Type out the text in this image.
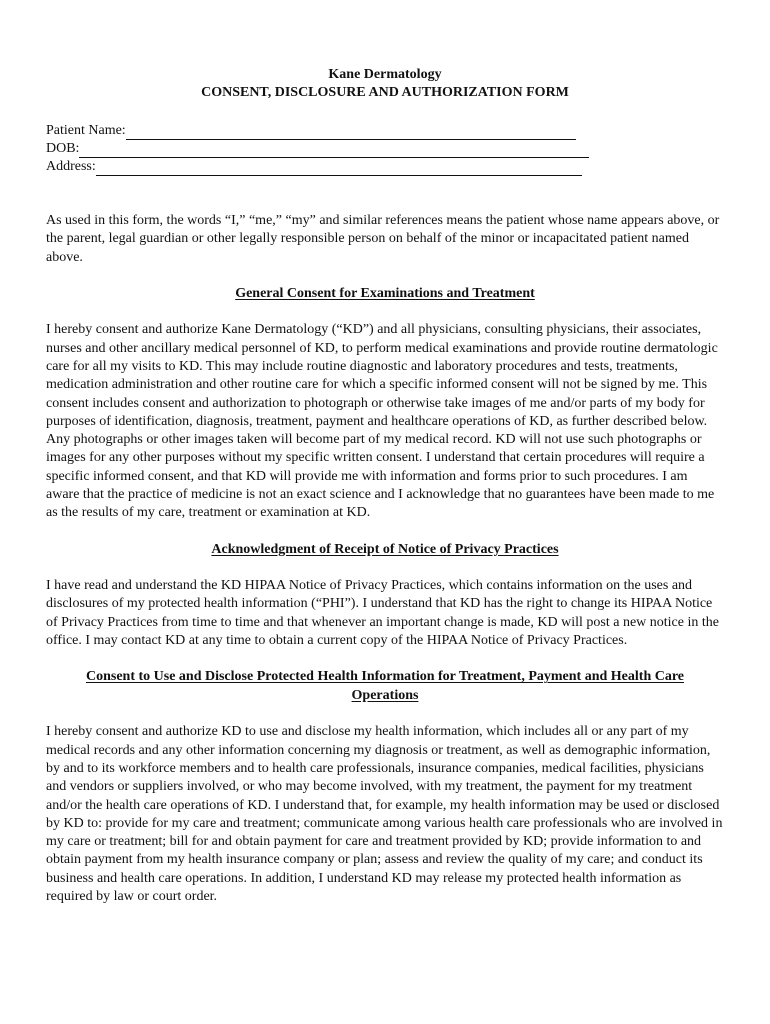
Kane Dermatology
CONSENT, DISCLOSURE AND AUTHORIZATION FORM
Patient Name:
DOB:
Address:

As used in this form, the words “I,” “me,” “my” and similar references means the patient whose name appears above, or the parent, legal guardian or other legally responsible person on behalf of the minor or incapacitated patient named above.

General Consent for Examinations and Treatment

I hereby consent and authorize Kane Dermatology (“KD”) and all physicians, consulting physicians, their associates, nurses and other ancillary medical personnel of KD, to perform medical examinations and provide routine dermatologic care for all my visits to KD. This may include routine diagnostic and laboratory procedures and tests, treatments, medication administration and other routine care for which a specific informed consent will not be signed by me. This consent includes consent and authorization to photograph or otherwise take images of me and/or parts of my body for purposes of identification, diagnosis, treatment, payment and healthcare operations of KD, as further described below. Any photographs or other images taken will become part of my medical record. KD will not use such photographs or images for any other purposes without my specific written consent. I understand that certain procedures will require a specific informed consent, and that KD will provide me with information and forms prior to such procedures. I am aware that the practice of medicine is not an exact science and I acknowledge that no guarantees have been made to me as the results of my care, treatment or examination at KD.

Acknowledgment of Receipt of Notice of Privacy Practices

I have read and understand the KD HIPAA Notice of Privacy Practices, which contains information on the uses and disclosures of my protected health information (“PHI”). I understand that KD has the right to change its HIPAA Notice of Privacy Practices from time to time and that whenever an important change is made, KD will post a new notice in the office. I may contact KD at any time to obtain a current copy of the HIPAA Notice of Privacy Practices.

Consent to Use and Disclose Protected Health Information for Treatment, Payment and Health Care Operations

I hereby consent and authorize KD to use and disclose my health information, which includes all or any part of my medical records and any other information concerning my diagnosis or treatment, as well as demographic information, by and to its workforce members and to health care professionals, insurance companies, medical facilities, physicians and vendors or suppliers involved, or who may become involved, with my treatment, the payment for my treatment and/or the health care operations of KD. I understand that, for example, my health information may be used or disclosed by KD to: provide for my care and treatment; communicate among various health care professionals who are involved in my care or treatment; bill for and obtain payment for care and treatment provided by KD; provide information to and obtain payment from my health insurance company or plan; assess and review the quality of my care; and conduct its business and health care operations. In addition, I understand KD may release my protected health information as required by law or court order.
